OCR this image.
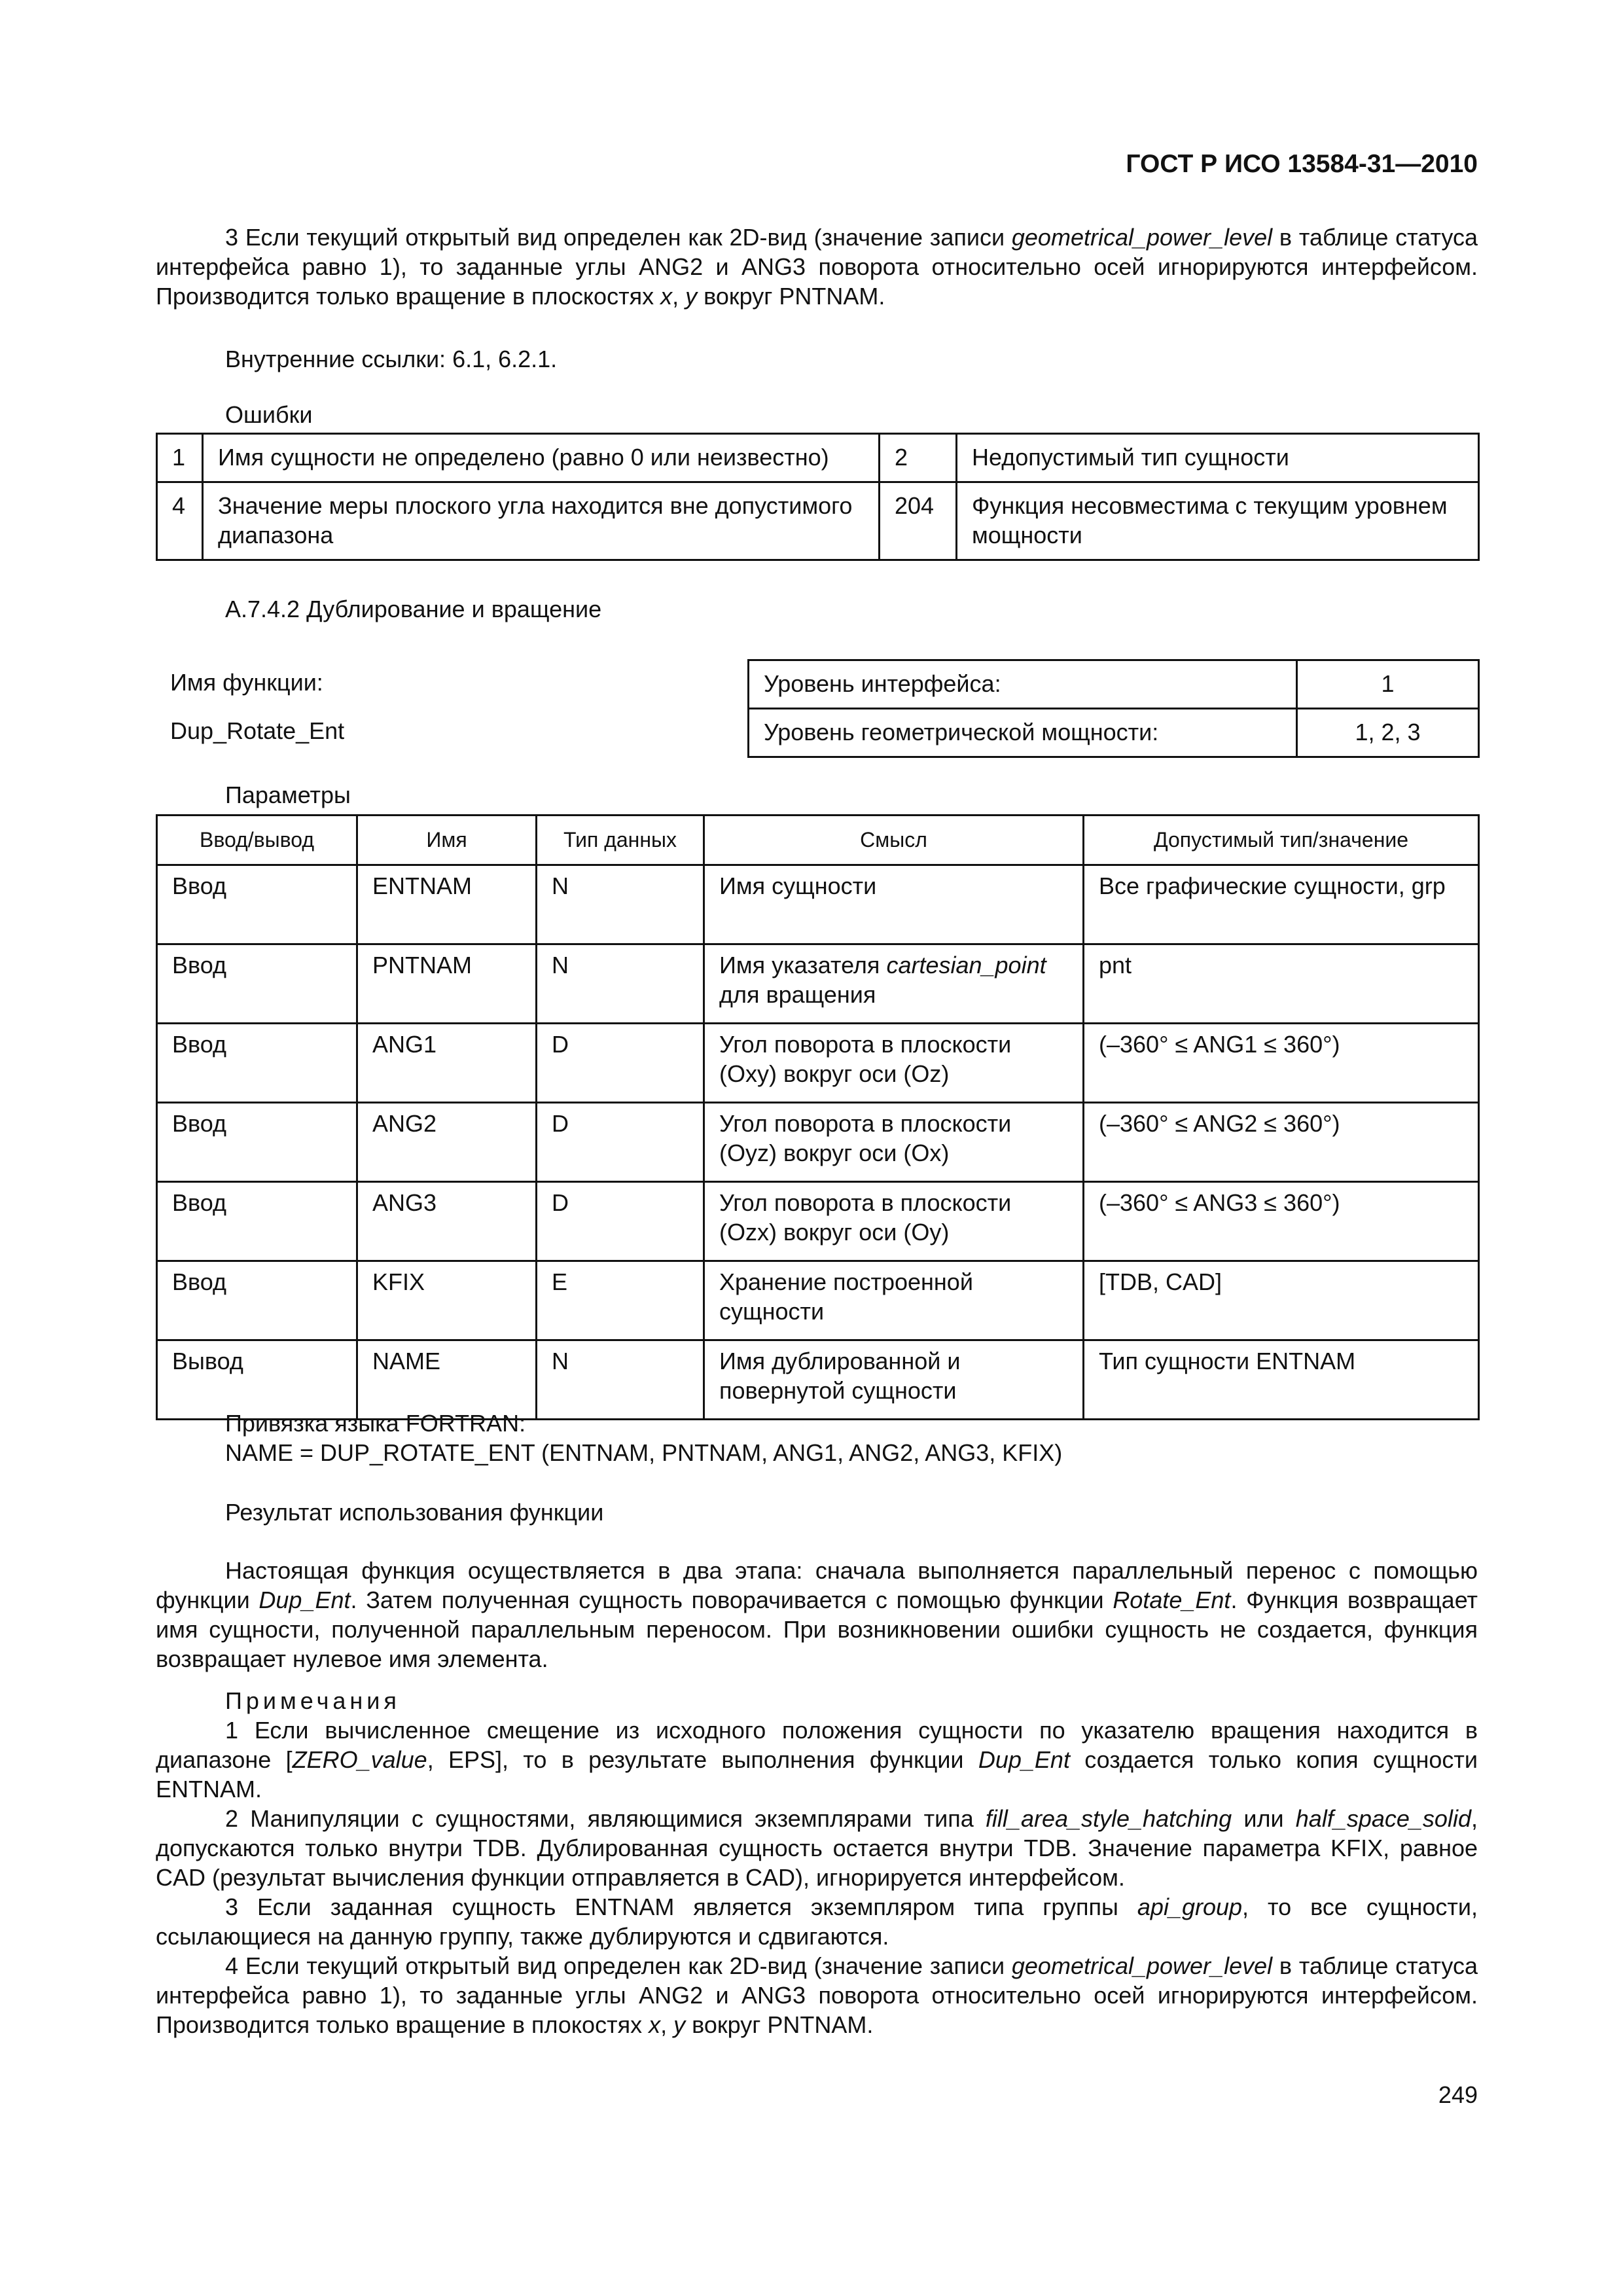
ГОСТ Р ИСО 13584-31—2010

3 Если текущий открытый вид определен как 2D-вид (значение записи geometrical_power_level в таблице статуса интерфейса равно 1), то заданные углы ANG2 и ANG3 поворота относительно осей игнорируются интерфейсом. Производится только вращение в плоскостях x, y вокруг PNTNAM.

Внутренние ссылки: 6.1, 6.2.1.
Ошибки
1	Имя сущности не определено (равно 0 или неизвестно)	2	Недопустимый тип сущности
4	Значение меры плоского угла находится вне допустимого диапазона	204	Функция несовместима с текущим уровнем мощности
А.7.4.2 Дублирование и вращение
Имя функции:
Dup_Rotate_Ent
Уровень интерфейса:	1
Уровень геометрической мощности:	1, 2, 3
Параметры
Ввод/вывод	Имя	Тип данных	Смысл	Допустимый тип/значение
Ввод	ENTNAM	N	Имя сущности	Все графические сущности, grp
Ввод	PNTNAM	N	Имя указателя cartesian_point для вращения	pnt
Ввод	ANG1	D	Угол поворота в плоскости (Oxy) вокруг оси (Oz)	(–360° ≤ ANG1 ≤ 360°)
Ввод	ANG2	D	Угол поворота в плоскости (Oyz) вокруг оси (Ox)	(–360° ≤ ANG2 ≤ 360°)
Ввод	ANG3	D	Угол поворота в плоскости (Ozx) вокруг оси (Oy)	(–360° ≤ ANG3 ≤ 360°)
Ввод	KFIX	E	Хранение построенной сущности	[TDB, CAD]
Вывод	NAME	N	Имя дублированной и повернутой сущности	Тип сущности ENTNAM
Привязка языка FORTRAN:
NAME = DUP_ROTATE_ENT (ENTNAM, PNTNAM, ANG1, ANG2, ANG3, KFIX)
Результат использования функции

Настоящая функция осуществляется в два этапа: сначала выполняется параллельный перенос с помощью функции Dup_Ent. Затем полученная сущность поворачивается с помощью функции Rotate_Ent. Функция возвращает имя сущности, полученной параллельным переносом. При возникновении ошибки сущность не создается, функция возвращает нулевое имя элемента.

Примечания

1 Если вычисленное смещение из исходного положения сущности по указателю вращения находится в диапазоне [ZERO_value, EPS], то в результате выполнения функции Dup_Ent создается только копия сущности ENTNAM.

2 Манипуляции с сущностями, являющимися экземплярами типа fill_area_style_hatching или half_space_solid, допускаются только внутри TDB. Дублированная сущность остается внутри TDB. Значение параметра KFIX, равное CAD (результат вычисления функции отправляется в CAD), игнорируется интерфейсом.

3 Если заданная сущность ENTNAM является экземпляром типа группы api_group, то все сущности, ссылающиеся на данную группу, также дублируются и сдвигаются.

4 Если текущий открытый вид определен как 2D-вид (значение записи geometrical_power_level в таблице статуса интерфейса равно 1), то заданные углы ANG2 и ANG3 поворота относительно осей игнорируются интерфейсом. Производится только вращение в плокостях x, y вокруг PNTNAM.

249
